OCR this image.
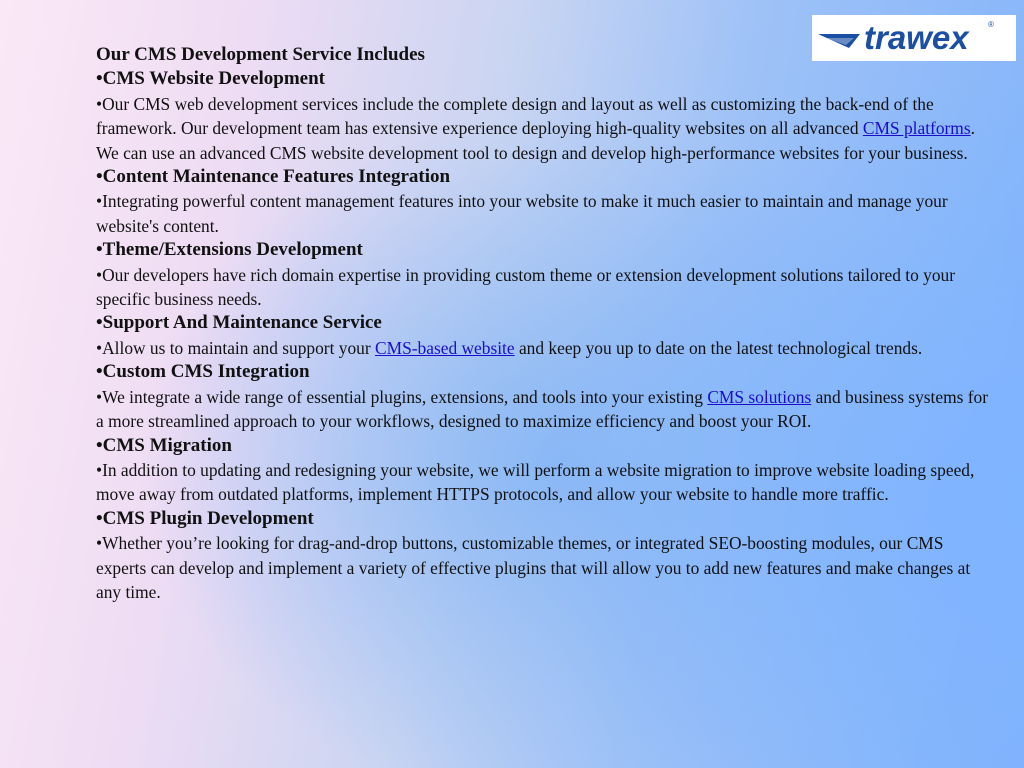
trawex ®

Our CMS Development Service Includes

•CMS Website Development

•Our CMS web development services include the complete design and layout as well as customizing the back-end of the framework. Our development team has extensive experience deploying high-quality websites on all advanced CMS platforms. We can use an advanced CMS website development tool to design and develop high-performance websites for your business.

•Content Maintenance Features Integration

•Integrating powerful content management features into your website to make it much easier to maintain and manage your website's content.

•Theme/Extensions Development

•Our developers have rich domain expertise in providing custom theme or extension development solutions tailored to your specific business needs.

•Support And Maintenance Service

•Allow us to maintain and support your CMS-based website and keep you up to date on the latest technological trends.

•Custom CMS Integration

•We integrate a wide range of essential plugins, extensions, and tools into your existing CMS solutions and business systems for a more streamlined approach to your workflows, designed to maximize efficiency and boost your ROI.

•CMS Migration

•In addition to updating and redesigning your website, we will perform a website migration to improve website loading speed, move away from outdated platforms, implement HTTPS protocols, and allow your website to handle more traffic.

•CMS Plugin Development

•Whether you’re looking for drag-and-drop buttons, customizable themes, or integrated SEO-boosting modules, our CMS experts can develop and implement a variety of effective plugins that will allow you to add new features and make changes at any time.
